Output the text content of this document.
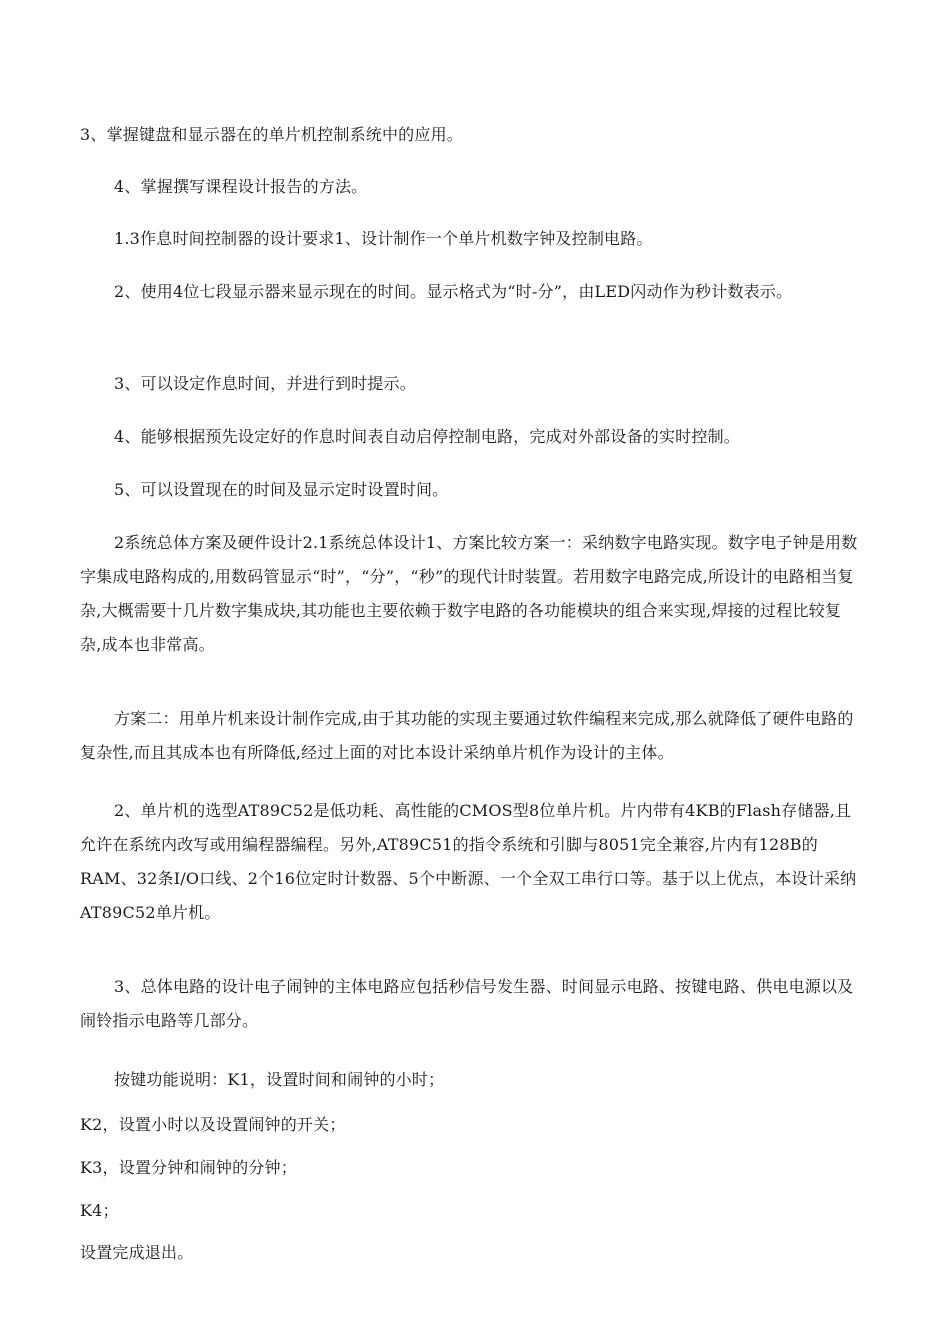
3、掌握键盘和显示器在的单片机控制系统中的应用。

4、掌握撰写课程设计报告的方法。

1.3作息时间控制器的设计要求1、设计制作一个单片机数字钟及控制电路。

2、使用4位七段显示器来显示现在的时间。显示格式为“时-分”，由LED闪动作为秒计数表示。

3、可以设定作息时间，并进行到时提示。

4、能够根据预先设定好的作息时间表自动启停控制电路，完成对外部设备的实时控制。

5、可以设置现在的时间及显示定时设置时间。

2系统总体方案及硬件设计2.1系统总体设计1、方案比较方案一：采纳数字电路实现。数字电子钟是用数字集成电路构成的,用数码管显示“时”，“分”，“秒”的现代计时装置。若用数字电路完成,所设计的电路相当复杂,大概需要十几片数字集成块,其功能也主要依赖于数字电路的各功能模块的组合来实现,焊接的过程比较复杂,成本也非常高。

方案二：用单片机来设计制作完成,由于其功能的实现主要通过软件编程来完成,那么就降低了硬件电路的复杂性,而且其成本也有所降低,经过上面的对比本设计采纳单片机作为设计的主体。

2、单片机的选型AT89C52是低功耗、高性能的CMOS型8位单片机。片内带有4KB的Flash存储器,且允许在系统内改写或用编程器编程。另外,AT89C51的指令系统和引脚与8051完全兼容,片内有128B的RAM、32条I/O口线、2个16位定时计数器、5个中断源、一个全双工串行口等。基于以上优点，本设计采纳AT89C52单片机。

3、总体电路的设计电子闹钟的主体电路应包括秒信号发生器、时间显示电路、按键电路、供电电源以及闹铃指示电路等几部分。

按键功能说明：K1，设置时间和闹钟的小时；

K2，设置小时以及设置闹钟的开关；

K3，设置分钟和闹钟的分钟；

K4；

设置完成退出。
